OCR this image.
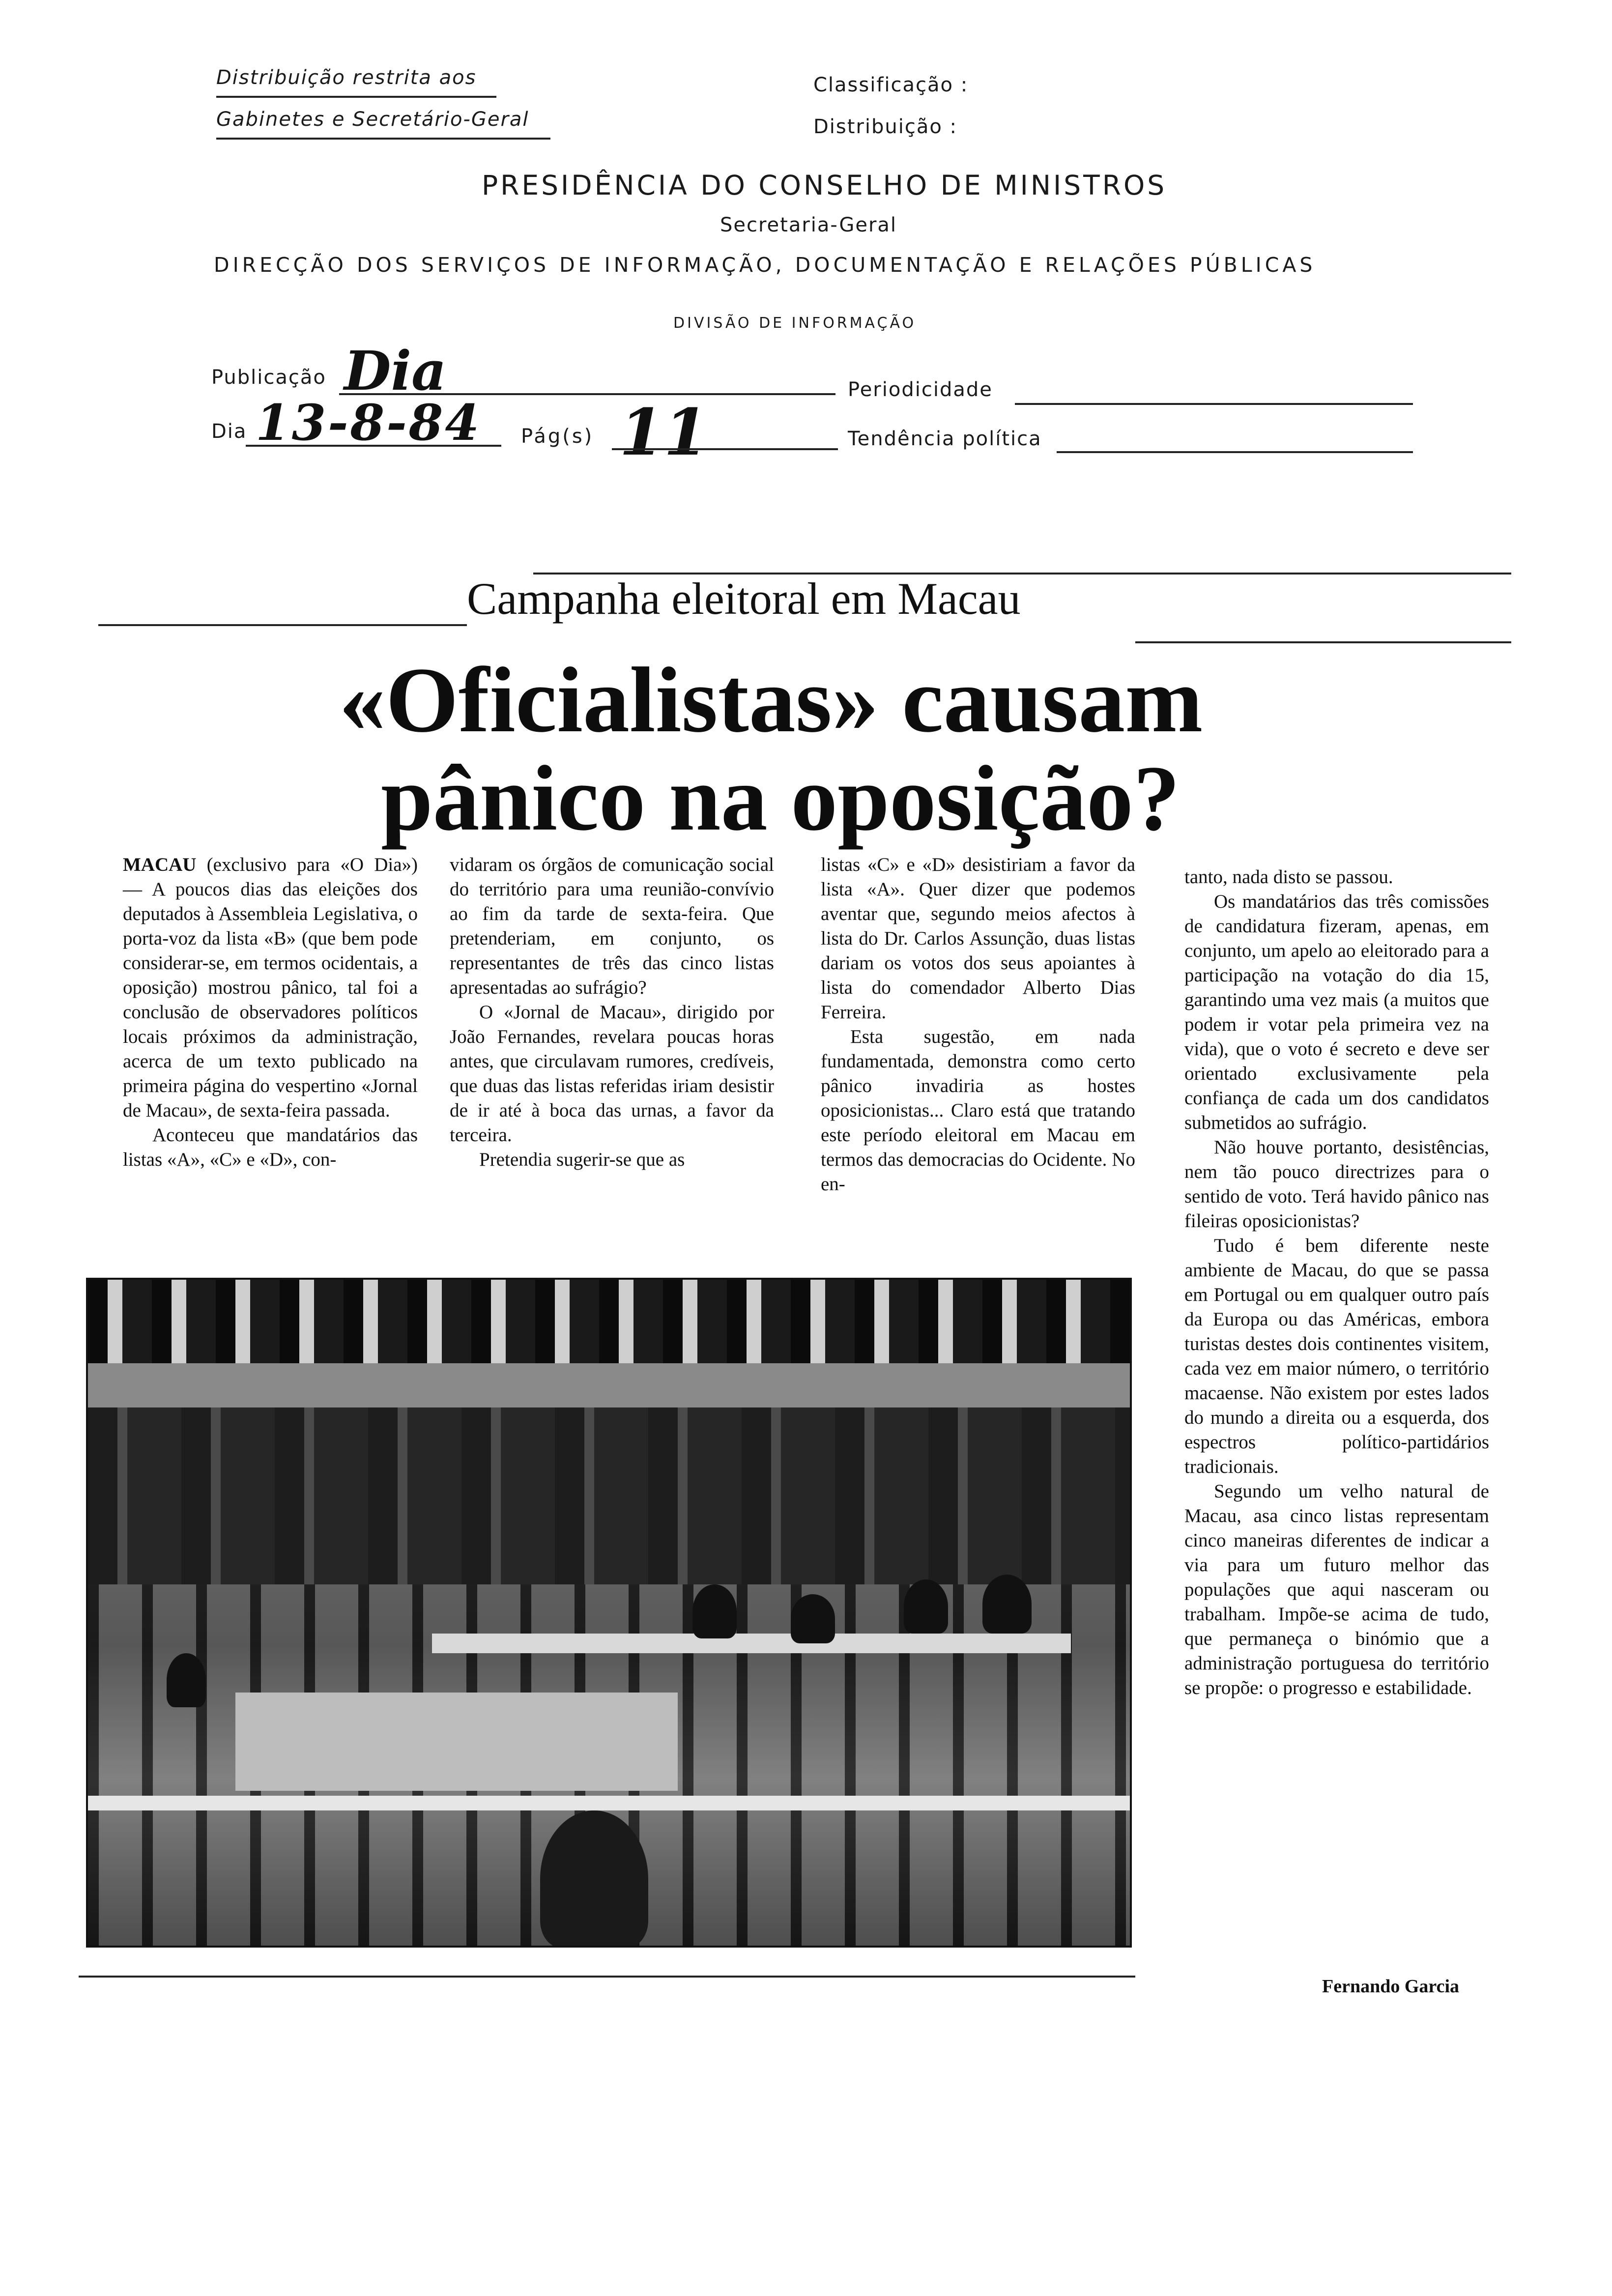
Distribuição restrita aos
Gabinetes e Secretário-Geral
Classificação :
Distribuição :
PRESIDÊNCIA DO CONSELHO DE MINISTROS
Secretaria-Geral
DIRECÇÃO DOS SERVIÇOS DE INFORMAÇÃO, DOCUMENTAÇÃO E RELAÇÕES PÚBLICAS
DIVISÃO DE INFORMAÇÃO
Publicação Dia	Periodicidade
Dia 13-8-84 Pág(s) 11	Tendência política
Campanha eleitoral em Macau
«Oficialistas» causam
pânico na oposição?

MACAU (exclusivo para «O Dia») — A poucos dias das eleições dos deputados à Assembleia Legislativa, o porta-voz da lista «B» (que bem pode considerar-se, em termos ocidentais, a oposição) mostrou pânico, tal foi a conclusão de observadores políticos locais próximos da administração, acerca de um texto publicado na primeira página do vespertino «Jornal de Macau», de sexta-feira passada.

Aconteceu que mandatários das listas «A», «C» e «D», con-

vidaram os órgãos de comunicação social do território para uma reunião-convívio ao fim da tarde de sexta-feira. Que pretenderiam, em conjunto, os representantes de três das cinco listas apresentadas ao sufrágio?

O «Jornal de Macau», dirigido por João Fernandes, revelara poucas horas antes, que circulavam rumores, credíveis, que duas das listas referidas iriam desistir de ir até à boca das urnas, a favor da terceira.

Pretendia sugerir-se que as

listas «C» e «D» desistiriam a favor da lista «A». Quer dizer que podemos aventar que, segundo meios afectos à lista do Dr. Carlos Assunção, duas listas dariam os votos dos seus apoiantes à lista do comendador Alberto Dias Ferreira.

Esta sugestão, em nada fundamentada, demonstra como certo pânico invadiria as hostes oposicionistas... Claro está que tratando este período eleitoral em Macau em termos das democracias do Ocidente. No en-

tanto, nada disto se passou.

Os mandatários das três comissões de candidatura fizeram, apenas, em conjunto, um apelo ao eleitorado para a participação na votação do dia 15, garantindo uma vez mais (a muitos que podem ir votar pela primeira vez na vida), que o voto é secreto e deve ser orientado exclusivamente pela confiança de cada um dos candidatos submetidos ao sufrágio.

Não houve portanto, desistências, nem tão pouco directrizes para o sentido de voto. Terá havido pânico nas fileiras oposicionistas?

Tudo é bem diferente neste ambiente de Macau, do que se passa em Portugal ou em qualquer outro país da Europa ou das Américas, embora turistas destes dois continentes visitem, cada vez em maior número, o território macaense. Não existem por estes lados do mundo a direita ou a esquerda, dos espectros político-partidários tradicionais.

Segundo um velho natural de Macau, asa cinco listas representam cinco maneiras diferentes de indicar a via para um futuro melhor das populações que aqui nasceram ou trabalham. Impõe-se acima de tudo, que permaneça o binómio que a administração portuguesa do território se propõe: o progresso e estabilidade.

Fernando Garcia
